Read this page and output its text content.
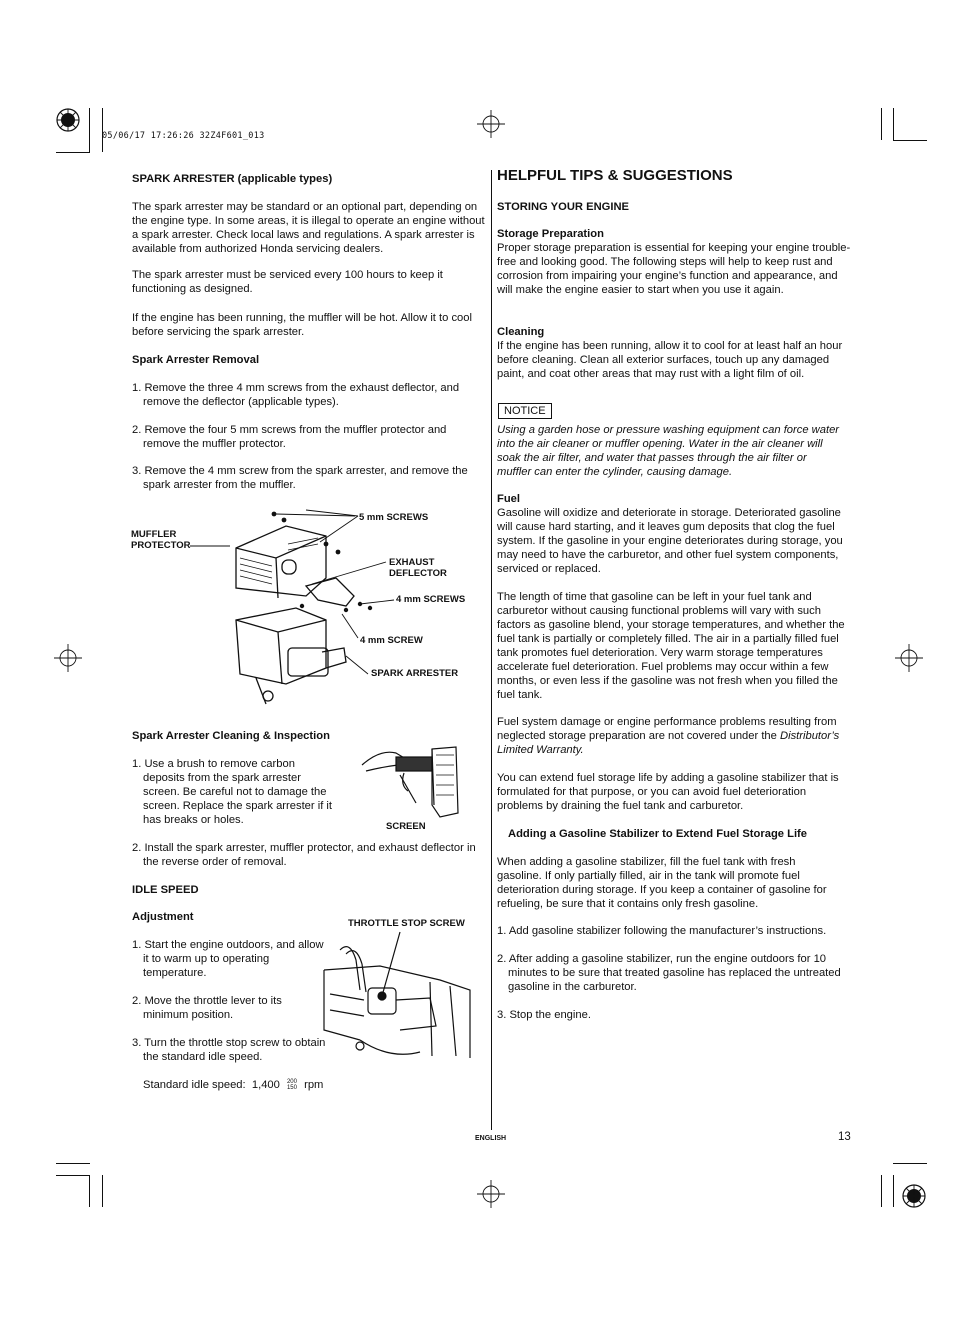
05/06/17 17:26:26 32Z4F601_013
SPARK ARRESTER (applicable types)
The spark arrester may be standard or an optional part, depending on the engine type. In some areas, it is illegal to operate an engine without a spark arrester. Check local laws and regulations. A spark arrester is available from authorized Honda servicing dealers.
The spark arrester must be serviced every 100 hours to keep it functioning as designed.
If the engine has been running, the muffler will be hot. Allow it to cool before servicing the spark arrester.
Spark Arrester Removal
1. Remove the three 4 mm screws from the exhaust deflector, and remove the deflector (applicable types).
2. Remove the four 5 mm screws from the muffler protector and remove the muffler protector.
3. Remove the 4 mm screw from the spark arrester, and remove the spark arrester from the muffler.
5 mm SCREWS
MUFFLER PROTECTOR
EXHAUST DEFLECTOR
4 mm SCREWS
4 mm SCREW
SPARK ARRESTER
Spark Arrester Cleaning & Inspection
1. Use a brush to remove carbon deposits from the spark arrester screen. Be careful not to damage the screen. Replace the spark arrester if it has breaks or holes.
SCREEN
2. Install the spark arrester, muffler protector, and exhaust deflector in the reverse order of removal.
IDLE SPEED
Adjustment
THROTTLE STOP SCREW
1. Start the engine outdoors, and allow it to warm up to operating temperature.
2. Move the throttle lever to its minimum position.
3. Turn the throttle stop screw to obtain the standard idle speed.
Standard idle speed: 1,400 200
150 rpm
HELPFUL TIPS & SUGGESTIONS
STORING YOUR ENGINE
Storage Preparation
Proper storage preparation is essential for keeping your engine trouble-free and looking good. The following steps will help to keep rust and corrosion from impairing your engine’s function and appearance, and will make the engine easier to start when you use it again.
Cleaning
If the engine has been running, allow it to cool for at least half an hour before cleaning. Clean all exterior surfaces, touch up any damaged paint, and coat other areas that may rust with a light film of oil.
NOTICE
Using a garden hose or pressure washing equipment can force water into the air cleaner or muffler opening. Water in the air cleaner will soak the air filter, and water that passes through the air filter or muffler can enter the cylinder, causing damage.
Fuel
Gasoline will oxidize and deteriorate in storage. Deteriorated gasoline will cause hard starting, and it leaves gum deposits that clog the fuel system. If the gasoline in your engine deteriorates during storage, you may need to have the carburetor, and other fuel system components, serviced or replaced.
The length of time that gasoline can be left in your fuel tank and carburetor without causing functional problems will vary with such factors as gasoline blend, your storage temperatures, and whether the fuel tank is partially or completely filled. The air in a partially filled fuel tank promotes fuel deterioration. Very warm storage temperatures accelerate fuel deterioration. Fuel problems may occur within a few months, or even less if the gasoline was not fresh when you filled the fuel tank.
Fuel system damage or engine performance problems resulting from neglected storage preparation are not covered under the Distributor’s Limited Warranty.
You can extend fuel storage life by adding a gasoline stabilizer that is formulated for that purpose, or you can avoid fuel deterioration problems by draining the fuel tank and carburetor.
Adding a Gasoline Stabilizer to Extend Fuel Storage Life
When adding a gasoline stabilizer, fill the fuel tank with fresh gasoline. If only partially filled, air in the tank will promote fuel deterioration during storage. If you keep a container of gasoline for refueling, be sure that it contains only fresh gasoline.
1. Add gasoline stabilizer following the manufacturer’s instructions.
2. After adding a gasoline stabilizer, run the engine outdoors for 10 minutes to be sure that treated gasoline has replaced the untreated gasoline in the carburetor.
3. Stop the engine.
ENGLISH	13
